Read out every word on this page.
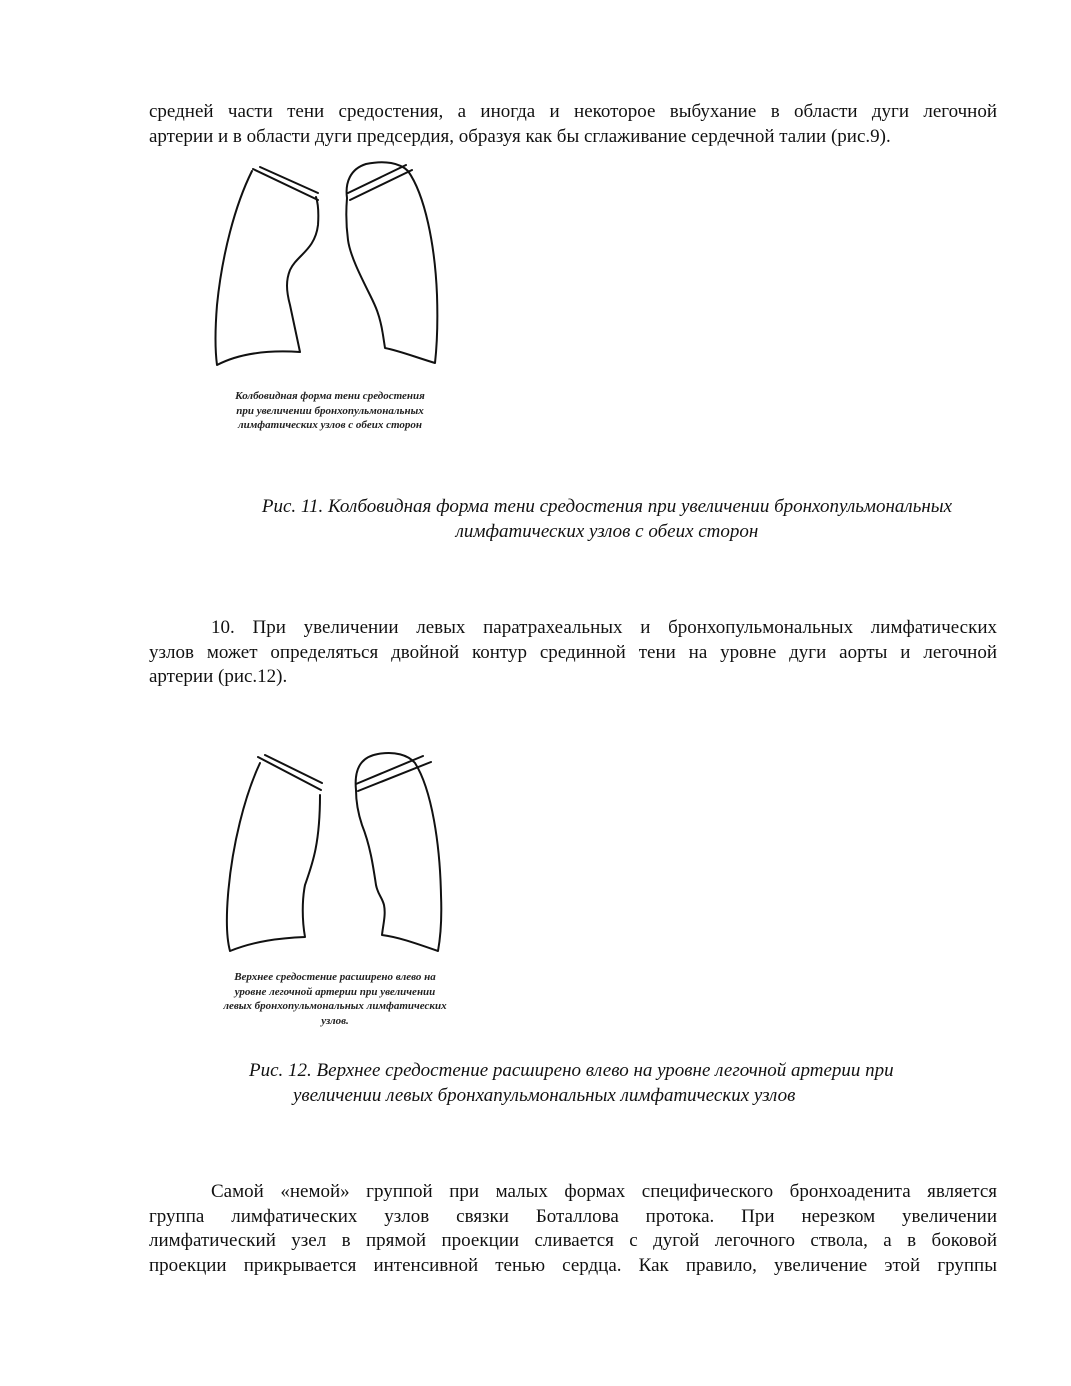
средней части тени средостения, а иногда и некоторое выбухание в области дуги легочной
артерии и в области дуги предсердия, образуя как бы сглаживание сердечной талии (рис.9).
Колбовидная форма тени средостения
при увеличении бронхопульмональных
лимфатических узлов с обеих сторон
Рис. 11. Колбовидная форма тени средостения при увеличении бронхопульмональных
лимфатических узлов с обеих сторон
10. При увеличении левых паратрахеальных и бронхопульмональных лимфатических
узлов может определяться двойной контур срединной тени на уровне дуги аорты и легочной
артерии (рис.12).
Верхнее средостение расширено влево на
уровне легочной артерии при увеличении
левых бронхопульмональных лимфатических
узлов.
Рис. 12. Верхнее средостение расширено влево на уровне легочной артерии при
увеличении левых бронхапульмональных лимфатических узлов
Самой «немой» группой при малых формах специфического бронхоаденита является
группа лимфатических узлов связки Боталлова протока. При нерезком увеличении
лимфатический узел в прямой проекции сливается с дугой легочного ствола, а в боковой
проекции прикрывается интенсивной тенью сердца. Как правило, увеличение этой группы
